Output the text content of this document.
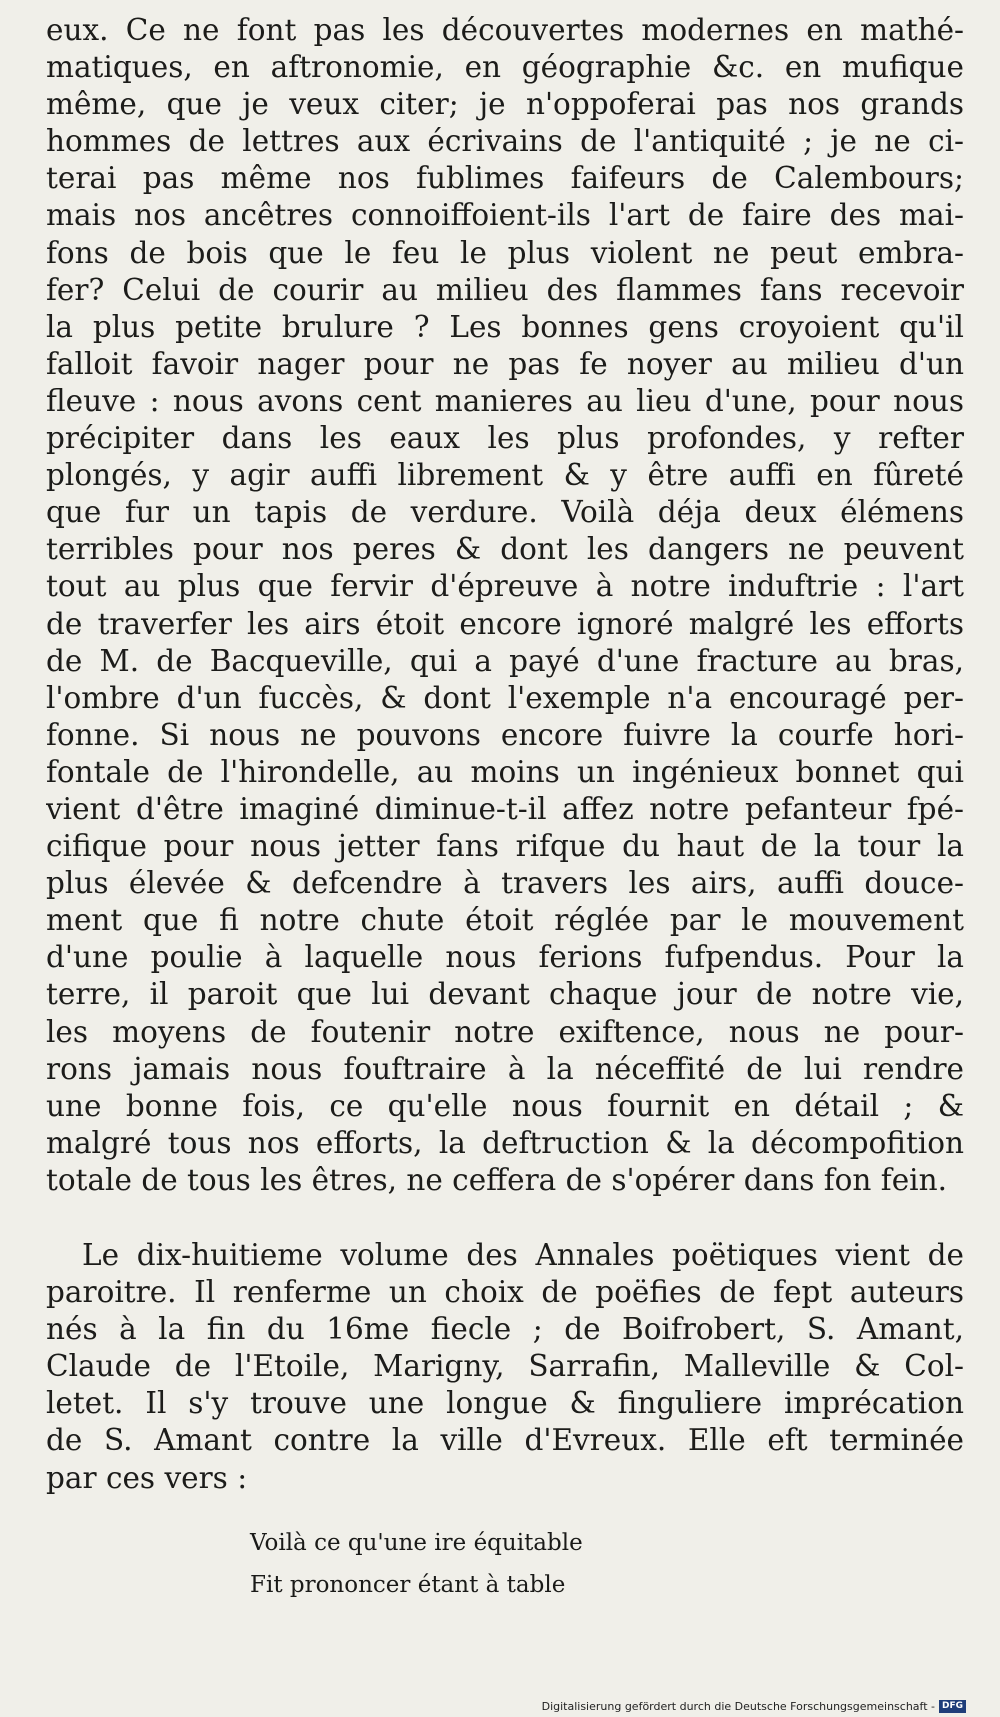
eux. Ce ne font pas les découvertes modernes en mathé-
matiques, en aftronomie, en géographie &c. en mufique
même, que je veux citer; je n'oppoferai pas nos grands
hommes de lettres aux écrivains de l'antiquité ; je ne ci-
terai pas même nos fublimes faifeurs de Calembours;
mais nos ancêtres connoiffoient-ils l'art de faire des mai-
fons de bois que le feu le plus violent ne peut embra-
fer? Celui de courir au milieu des flammes fans recevoir
la plus petite brulure ? Les bonnes gens croyoient qu'il
falloit favoir nager pour ne pas fe noyer au milieu d'un
fleuve : nous avons cent manieres au lieu d'une, pour nous
précipiter dans les eaux les plus profondes, y refter
plongés, y agir auffi librement & y être auffi en fûreté
que fur un tapis de verdure. Voilà déja deux élémens
terribles pour nos peres & dont les dangers ne peuvent
tout au plus que fervir d'épreuve à notre induftrie : l'art
de traverfer les airs étoit encore ignoré malgré les efforts
de M. de Bacqueville, qui a payé d'une fracture au bras,
l'ombre d'un fuccès, & dont l'exemple n'a encouragé per-
fonne. Si nous ne pouvons encore fuivre la courfe hori-
fontale de l'hirondelle, au moins un ingénieux bonnet qui
vient d'être imaginé diminue-t-il affez notre pefanteur fpé-
cifique pour nous jetter fans rifque du haut de la tour la
plus élevée & defcendre à travers les airs, auffi douce-
ment que fi notre chute étoit réglée par le mouvement
d'une poulie à laquelle nous ferions fufpendus. Pour la
terre, il paroit que lui devant chaque jour de notre vie,
les moyens de foutenir notre exiftence, nous ne pour-
rons jamais nous fouftraire à la néceffité de lui rendre
une bonne fois, ce qu'elle nous fournit en détail ; &
malgré tous nos efforts, la deftruction & la décompofition
totale de tous les êtres, ne ceffera de s'opérer dans fon fein.
Le dix-huitieme volume des Annales poëtiques vient de
paroitre. Il renferme un choix de poëfies de fept auteurs
nés à la fin du 16me fiecle ; de Boifrobert, S. Amant,
Claude de l'Etoile, Marigny, Sarrafin, Malleville & Col-
letet. Il s'y trouve une longue & finguliere imprécation
de S. Amant contre la ville d'Evreux. Elle eft terminée
par ces vers :
Voilà ce qu'une ire équitable
Fit prononcer étant à table
Digitalisierung gefördert durch die Deutsche Forschungsgemeinschaft - DFG
